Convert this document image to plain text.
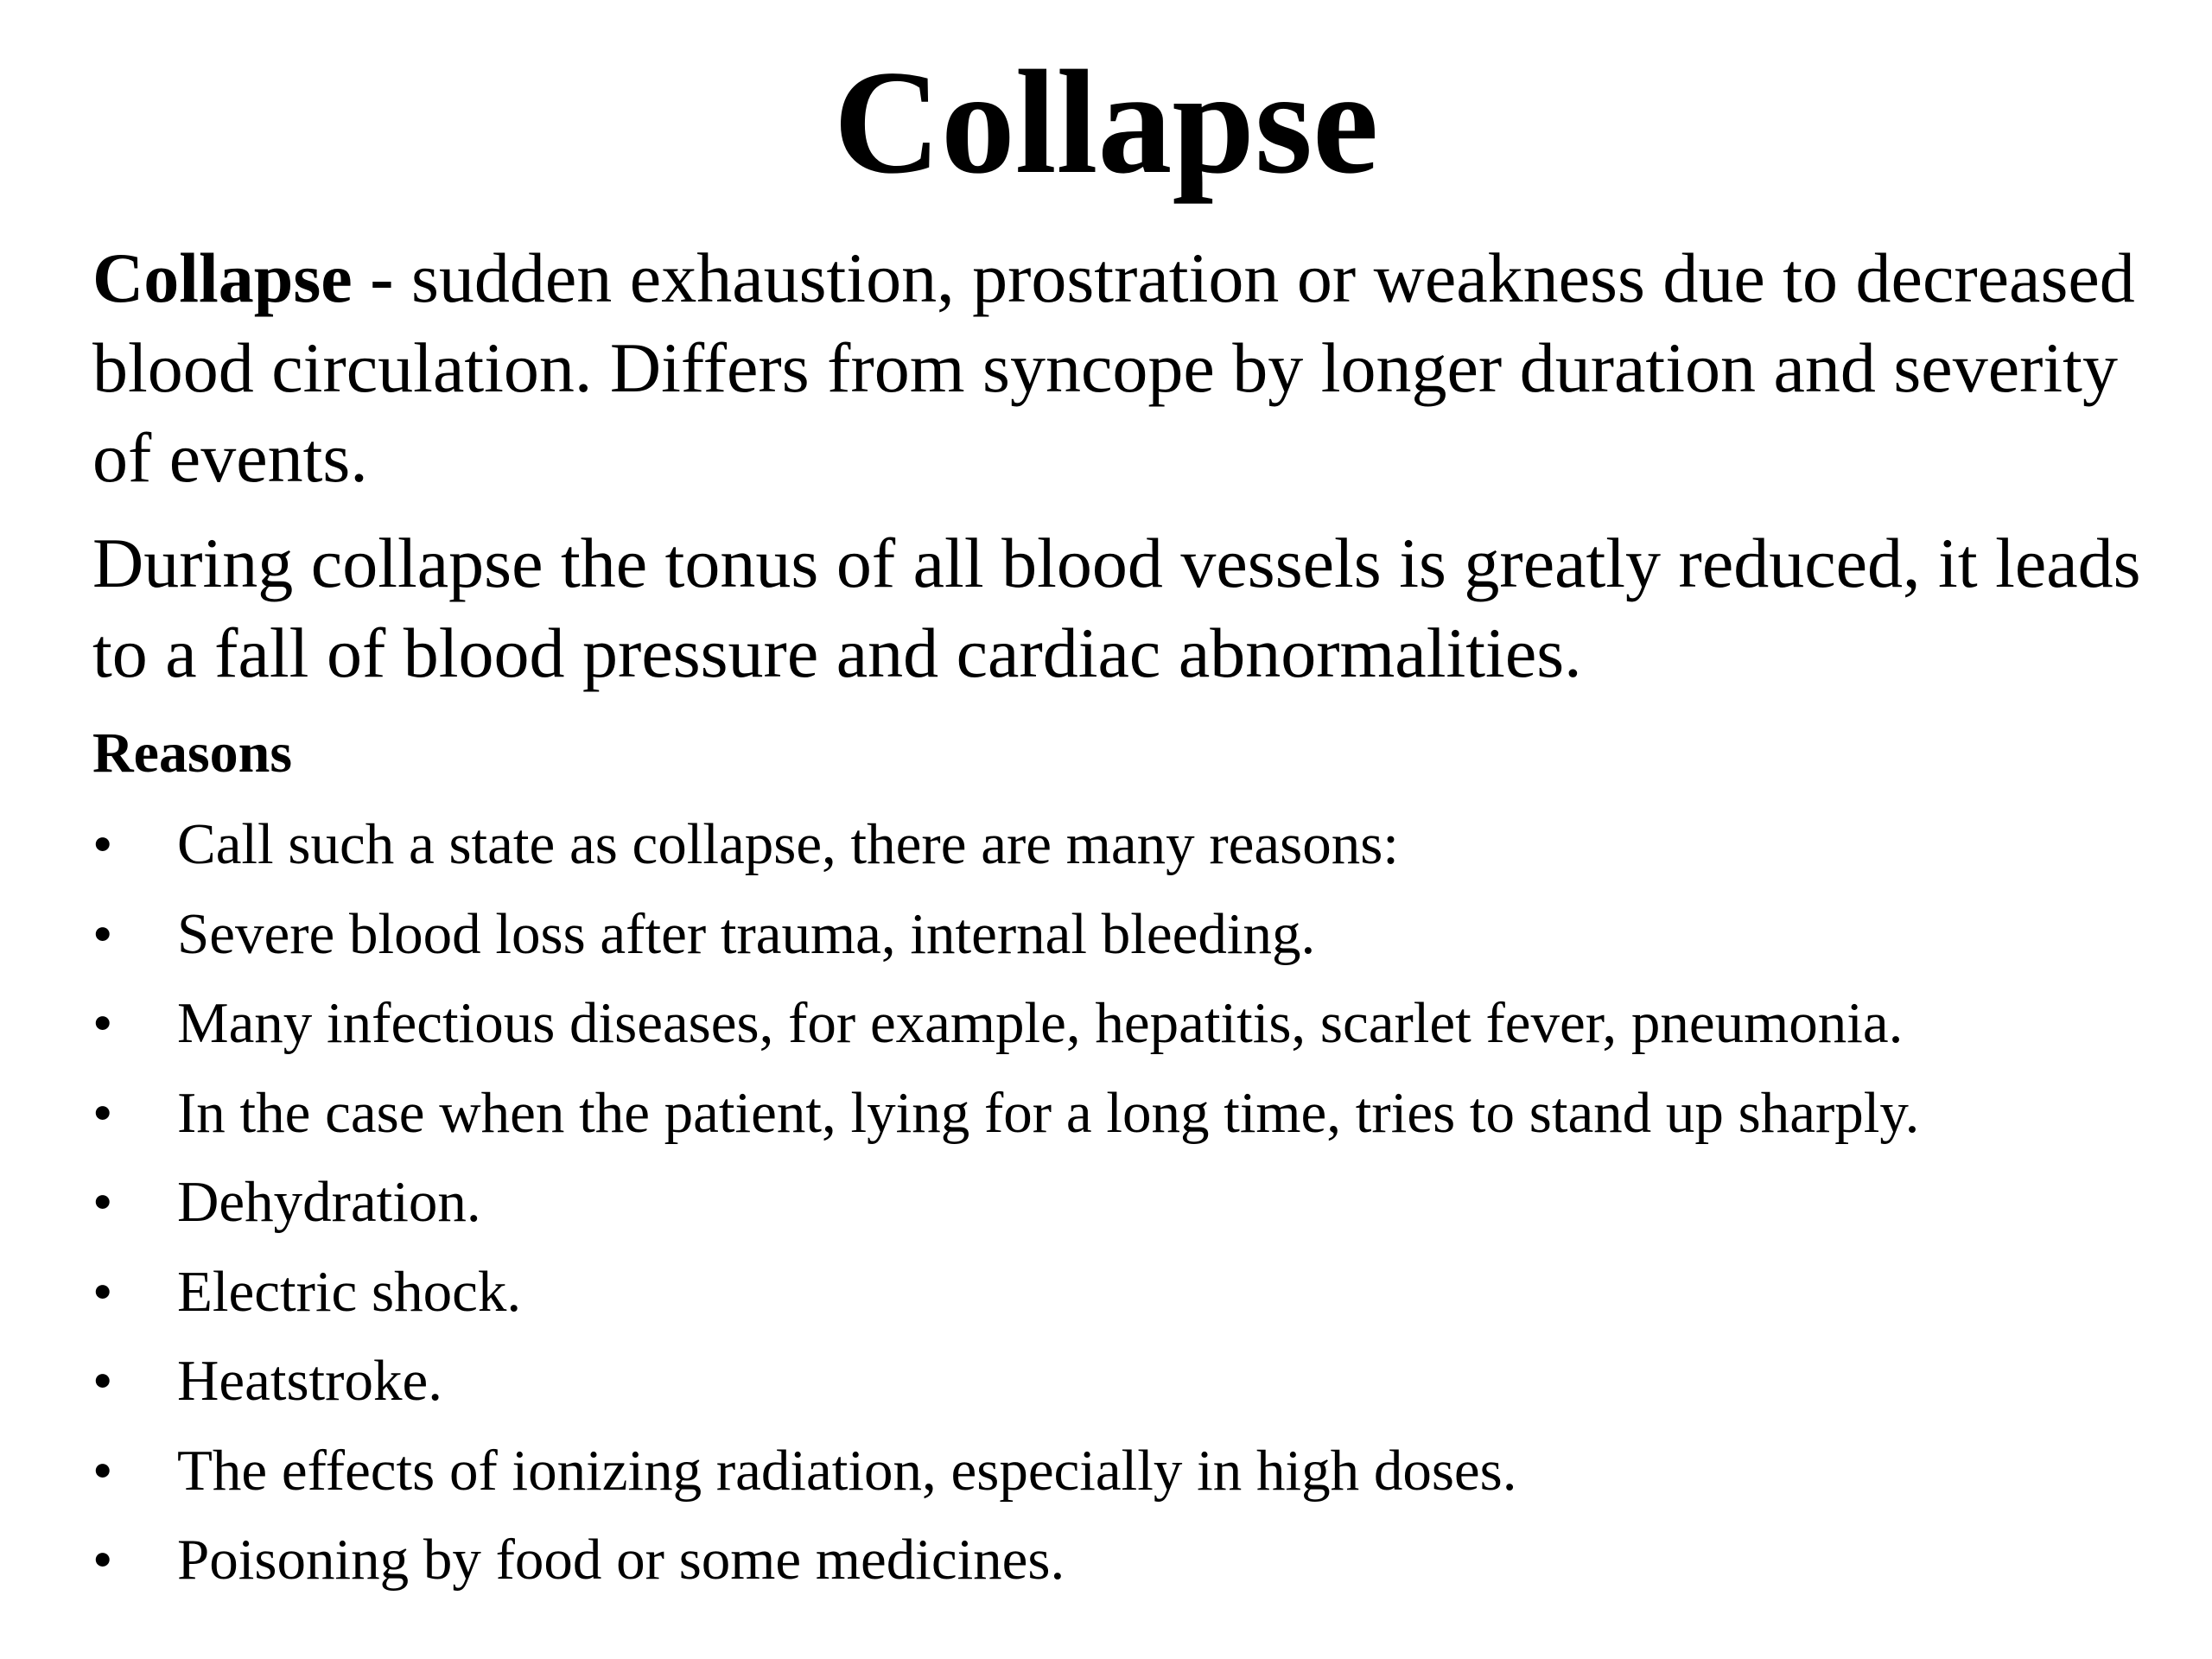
Collapse

Collapse - sudden exhaustion, prostration or weakness due to decreased blood circulation. Differs from syncope by longer duration and severity of events.

During collapse the tonus of all blood vessels is greatly reduced, it leads to a fall of blood pressure and cardiac abnormalities.

Reasons
• Call such a state as collapse, there are many reasons:
• Severe blood loss after trauma, internal bleeding.
• Many infectious diseases, for example, hepatitis, scarlet fever, pneumonia.
• In the case when the patient, lying for a long time, tries to stand up sharply.
• Dehydration.
• Electric shock.
• Heatstroke.
• The effects of ionizing radiation, especially in high doses.
• Poisoning by food or some medicines.
